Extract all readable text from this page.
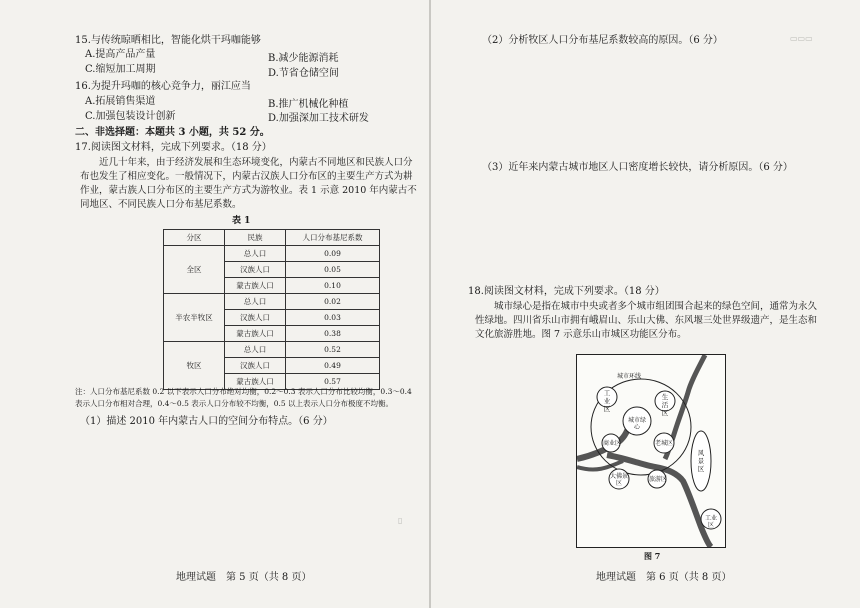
15.与传统晾晒相比，智能化烘干玛咖能够
A.提高产品产量	B.减少能源消耗
C.缩短加工周期	D.节省仓储空间
16.为提升玛咖的核心竞争力，丽江应当
A.拓展销售渠道	B.推广机械化种植
C.加强包装设计创新	D.加强深加工技术研发
二、非选择题：本题共 3 小题，共 52 分。
17.阅读图文材料，完成下列要求。（18 分）
近几十年来，由于经济发展和生态环境变化，内蒙古不同地区和民族人口分布也发生了相应变化。一般情况下，内蒙古汉族人口分布区的主要生产方式为耕作业，蒙古族人口分布区的主要生产方式为游牧业。表 1 示意 2010 年内蒙古不同地区、不同民族人口分布基尼系数。
表 1
分区	民族	人口分布基尼系数
全区	总人口	0.09
	汉族人口	0.05
	蒙古族人口	0.10
半农半牧区	总人口	0.02
	汉族人口	0.03
	蒙古族人口	0.38
牧区	总人口	0.52
	汉族人口	0.49
	蒙古族人口	0.57
注：人口分布基尼系数 0.2 以下表示人口分布绝对均衡，0.2～0.3 表示人口分布比较均衡，0.3～0.4 表示人口分布相对合理，0.4～0.5 表示人口分布较不均衡，0.5 以上表示人口分布极度不均衡。
（1）描述 2010 年内蒙古人口的空间分布特点。（6 分）
▯
地理试题　第 5 页（共 8 页）
（2）分析牧区人口分布基尼系数较高的原因。（6 分）
（3）近年来内蒙古城市地区人口密度增长较快，请分析原因。（6 分）
18.阅读图文材料，完成下列要求。（18 分）
城市绿心是指在城市中央或者多个城市组团围合起来的绿色空间，通常为永久性绿地。四川省乐山市拥有峨眉山、乐山大佛、东风堰三处世界级遗产，是生态和文化旅游胜地。图 7 示意乐山市城区功能区分布。
▭▭▭
地理试题　第 6 页（共 8 页）
城市环线
工业区
生活区
城市绿心
商业区	老城区
风景区
大佛景区
旅游区
工业区
图 7
